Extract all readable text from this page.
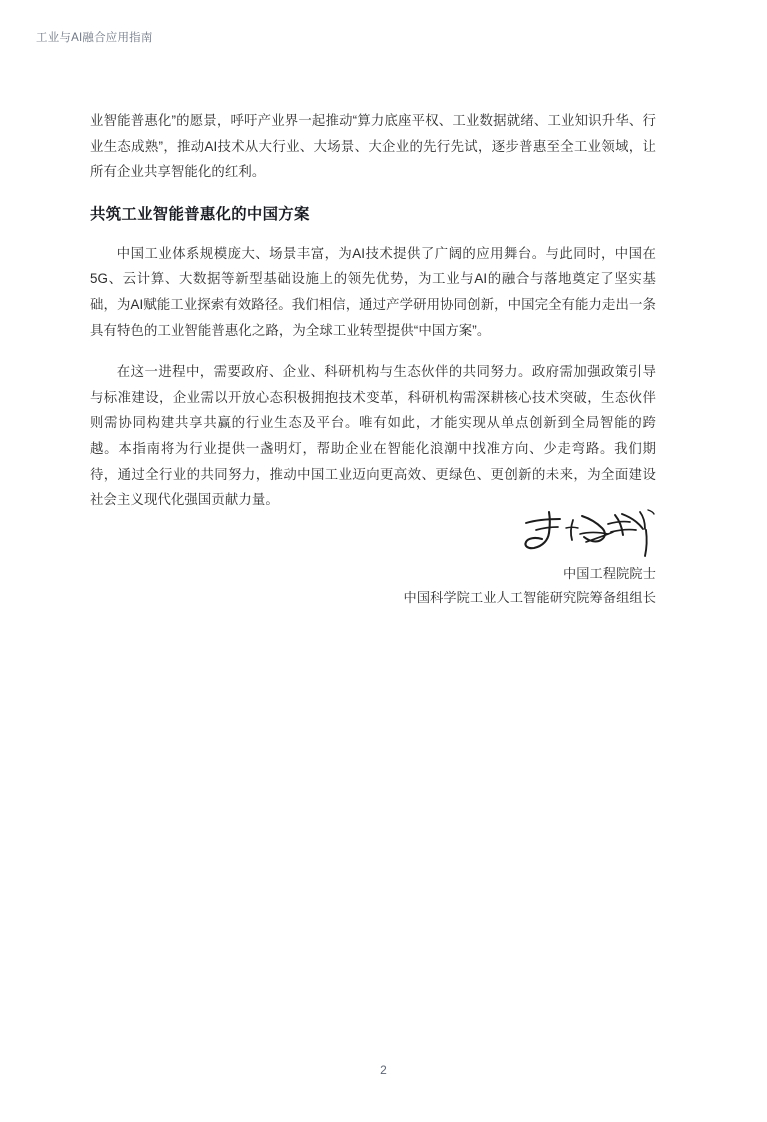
工业与AI融合应用指南

业智能普惠化”的愿景，呼吁产业界一起推动“算力底座平权、工业数据就绪、工业知识升华、行业生态成熟”，推动AI技术从大行业、大场景、大企业的先行先试，逐步普惠至全工业领域，让所有企业共享智能化的红利。

共筑工业智能普惠化的中国方案

中国工业体系规模庞大、场景丰富，为AI技术提供了广阔的应用舞台。与此同时，中国在5G、云计算、大数据等新型基础设施上的领先优势，为工业与AI的融合与落地奠定了坚实基础，为AI赋能工业探索有效路径。我们相信，通过产学研用协同创新，中国完全有能力走出一条具有特色的工业智能普惠化之路，为全球工业转型提供“中国方案”。

在这一进程中，需要政府、企业、科研机构与生态伙伴的共同努力。政府需加强政策引导与标准建设，企业需以开放心态积极拥抱技术变革，科研机构需深耕核心技术突破，生态伙伴则需协同构建共享共赢的行业生态及平台。唯有如此，才能实现从单点创新到全局智能的跨越。本指南将为行业提供一盏明灯，帮助企业在智能化浪潮中找准方向、少走弯路。我们期待，通过全行业的共同努力，推动中国工业迈向更高效、更绿色、更创新的未来，为全面建设社会主义现代化强国贡献力量。

中国工程院院士

中国科学院工业人工智能研究院筹备组组长

2
